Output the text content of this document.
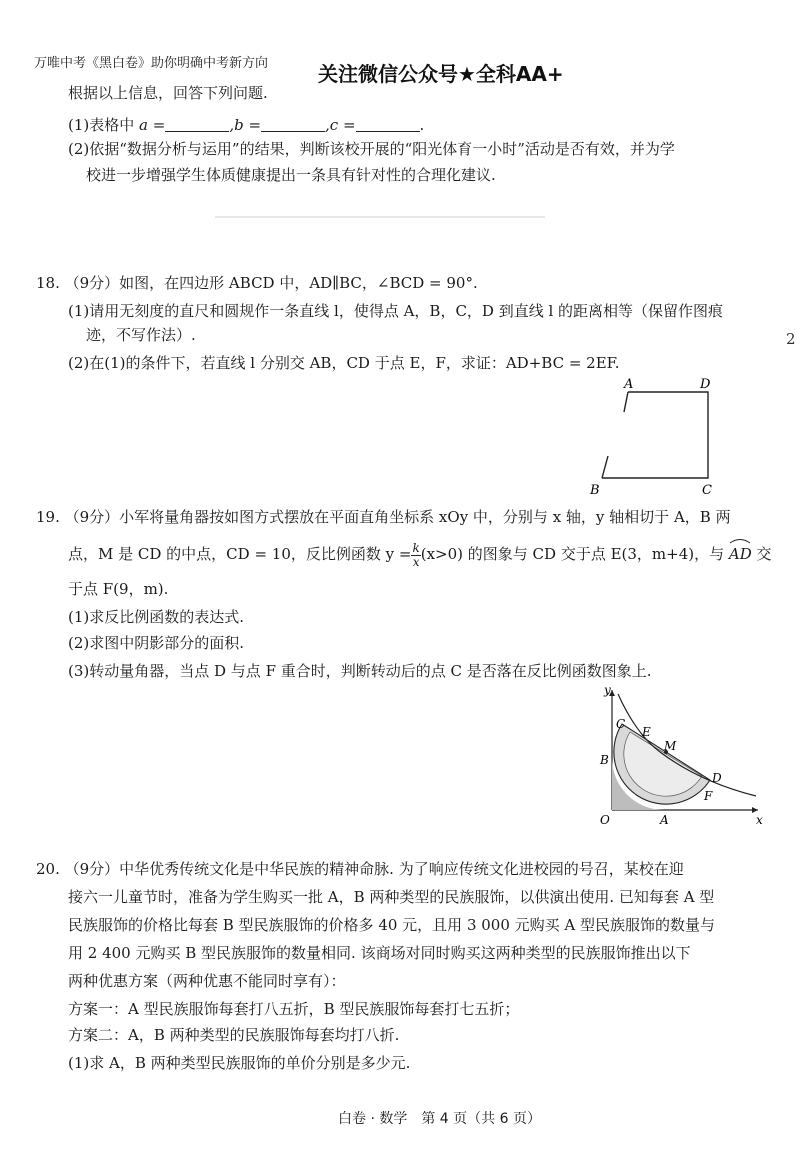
万唯中考《黑白卷》助你明确中考新方向 关注微信公众号★全科AA+
根据以上信息，回答下列问题.
(1)表格中 a =	,b =	,c =	.
(2)依据“数据分析与运用”的结果，判断该校开展的“阳光体育一小时”活动是否有效，并为学
校进一步增强学生体质健康提出一条具有针对性的合理化建议.
18. （9分）如图，在四边形 ABCD 中，AD∥BC，∠BCD = 90°.
(1)请用无刻度的直尺和圆规作一条直线 l，使得点 A，B，C，D 到直线 l 的距离相等（保留作图痕
迹，不写作法）.
(2)在(1)的条件下，若直线 l 分别交 AB，CD 于点 E，F，求证：AD+BC = 2EF.
2
A	D
B	C
19. （9分）小军将量角器按如图方式摆放在平面直角坐标系 xOy 中，分别与 x 轴，y 轴相切于 A，B 两
点，M 是 CD 的中点，CD = 10，反比例函数 $y = \frac{k}{x} (x>0)$ 的图象与 CD 交于点 E(3，m+4)，与 AD 交
于点 F(9，m).
(1)求反比例函数的表达式.
(2)求图中阴影部分的面积.
(3)转动量角器，当点 D 与点 F 重合时，判断转动后的点 C 是否落在反比例函数图象上.
y
x
O	A
B
C
E
M
D
F
20. （9分）中华优秀传统文化是中华民族的精神命脉. 为了响应传统文化进校园的号召，某校在迎
接六一儿童节时，准备为学生购买一批 A，B 两种类型的民族服饰，以供演出使用. 已知每套 A 型
民族服饰的价格比每套 B 型民族服饰的价格多 40 元，且用 3 000 元购买 A 型民族服饰的数量与
用 2 400 元购买 B 型民族服饰的数量相同. 该商场对同时购买这两种类型的民族服饰推出以下
两种优惠方案（两种优惠不能同时享有）：
方案一：A 型民族服饰每套打八五折，B 型民族服饰每套打七五折；
方案二：A，B 两种类型的民族服饰每套均打八折.
(1)求 A，B 两种类型民族服饰的单价分别是多少元.
白卷 · 数学　第 4 页（共 6 页）
